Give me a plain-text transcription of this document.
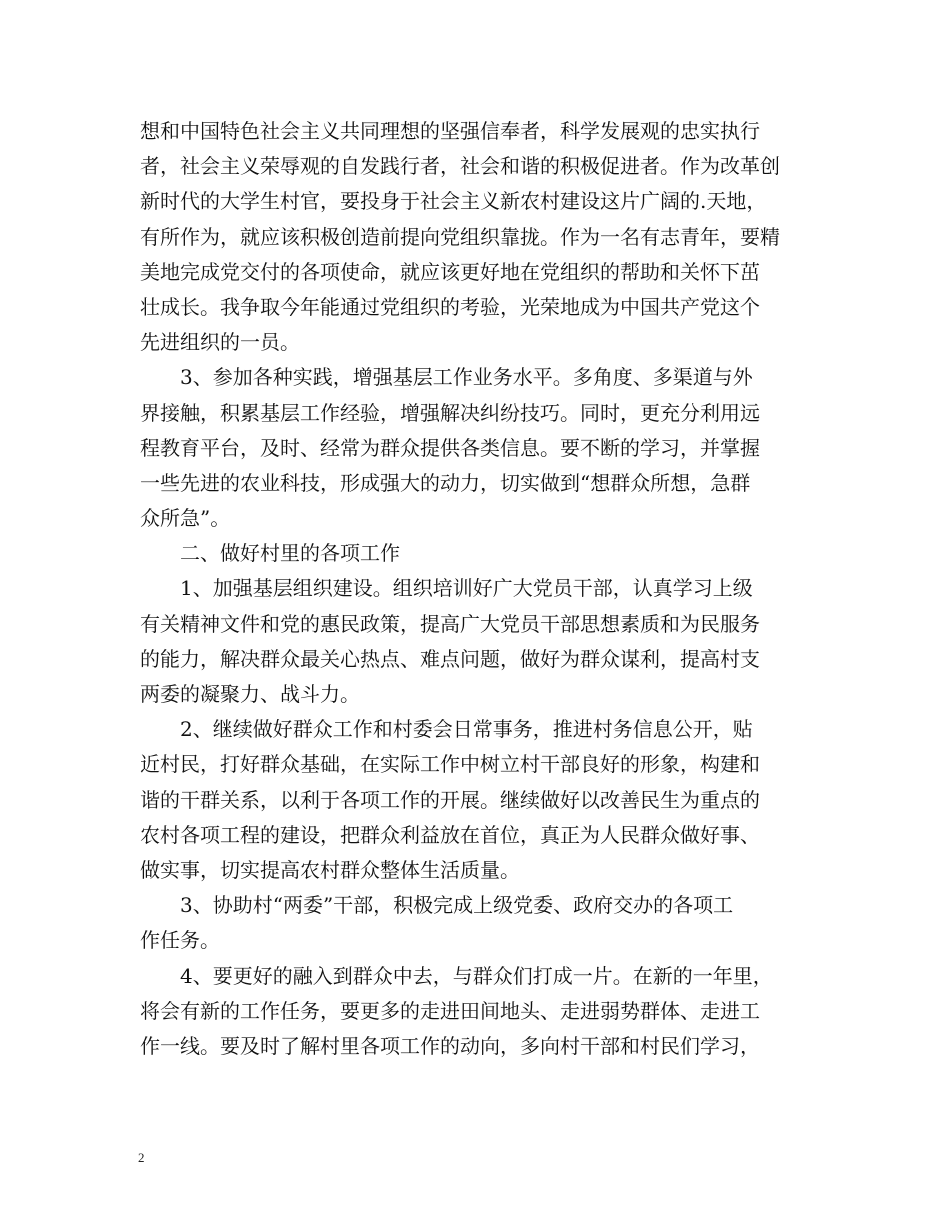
想和中国特色社会主义共同理想的坚强信奉者，科学发展观的忠实执行
者，社会主义荣辱观的自发践行者，社会和谐的积极促进者。作为改革创
新时代的大学生村官，要投身于社会主义新农村建设这片广阔的.天地，
有所作为，就应该积极创造前提向党组织靠拢。作为一名有志青年，要精
美地完成党交付的各项使命，就应该更好地在党组织的帮助和关怀下茁
壮成长。我争取今年能通过党组织的考验，光荣地成为中国共产党这个
先进组织的一员。
　　3、参加各种实践，增强基层工作业务水平。多角度、多渠道与外
界接触，积累基层工作经验，增强解决纠纷技巧。同时，更充分利用远
程教育平台，及时、经常为群众提供各类信息。要不断的学习，并掌握
一些先进的农业科技，形成强大的动力，切实做到“想群众所想，急群
众所急”。
　　二、做好村里的各项工作
　　1、加强基层组织建设。组织培训好广大党员干部，认真学习上级
有关精神文件和党的惠民政策，提高广大党员干部思想素质和为民服务
的能力，解决群众最关心热点、难点问题，做好为群众谋利，提高村支
两委的凝聚力、战斗力。
　　2、继续做好群众工作和村委会日常事务，推进村务信息公开，贴
近村民，打好群众基础，在实际工作中树立村干部良好的形象，构建和
谐的干群关系，以利于各项工作的开展。继续做好以改善民生为重点的
农村各项工程的建设，把群众利益放在首位，真正为人民群众做好事、
做实事，切实提高农村群众整体生活质量。
　　3、协助村“两委”干部，积极完成上级党委、政府交办的各项工
作任务。
　　4、要更好的融入到群众中去，与群众们打成一片。在新的一年里，
将会有新的工作任务，要更多的走进田间地头、走进弱势群体、走进工
作一线。要及时了解村里各项工作的动向，多向村干部和村民们学习，
2
